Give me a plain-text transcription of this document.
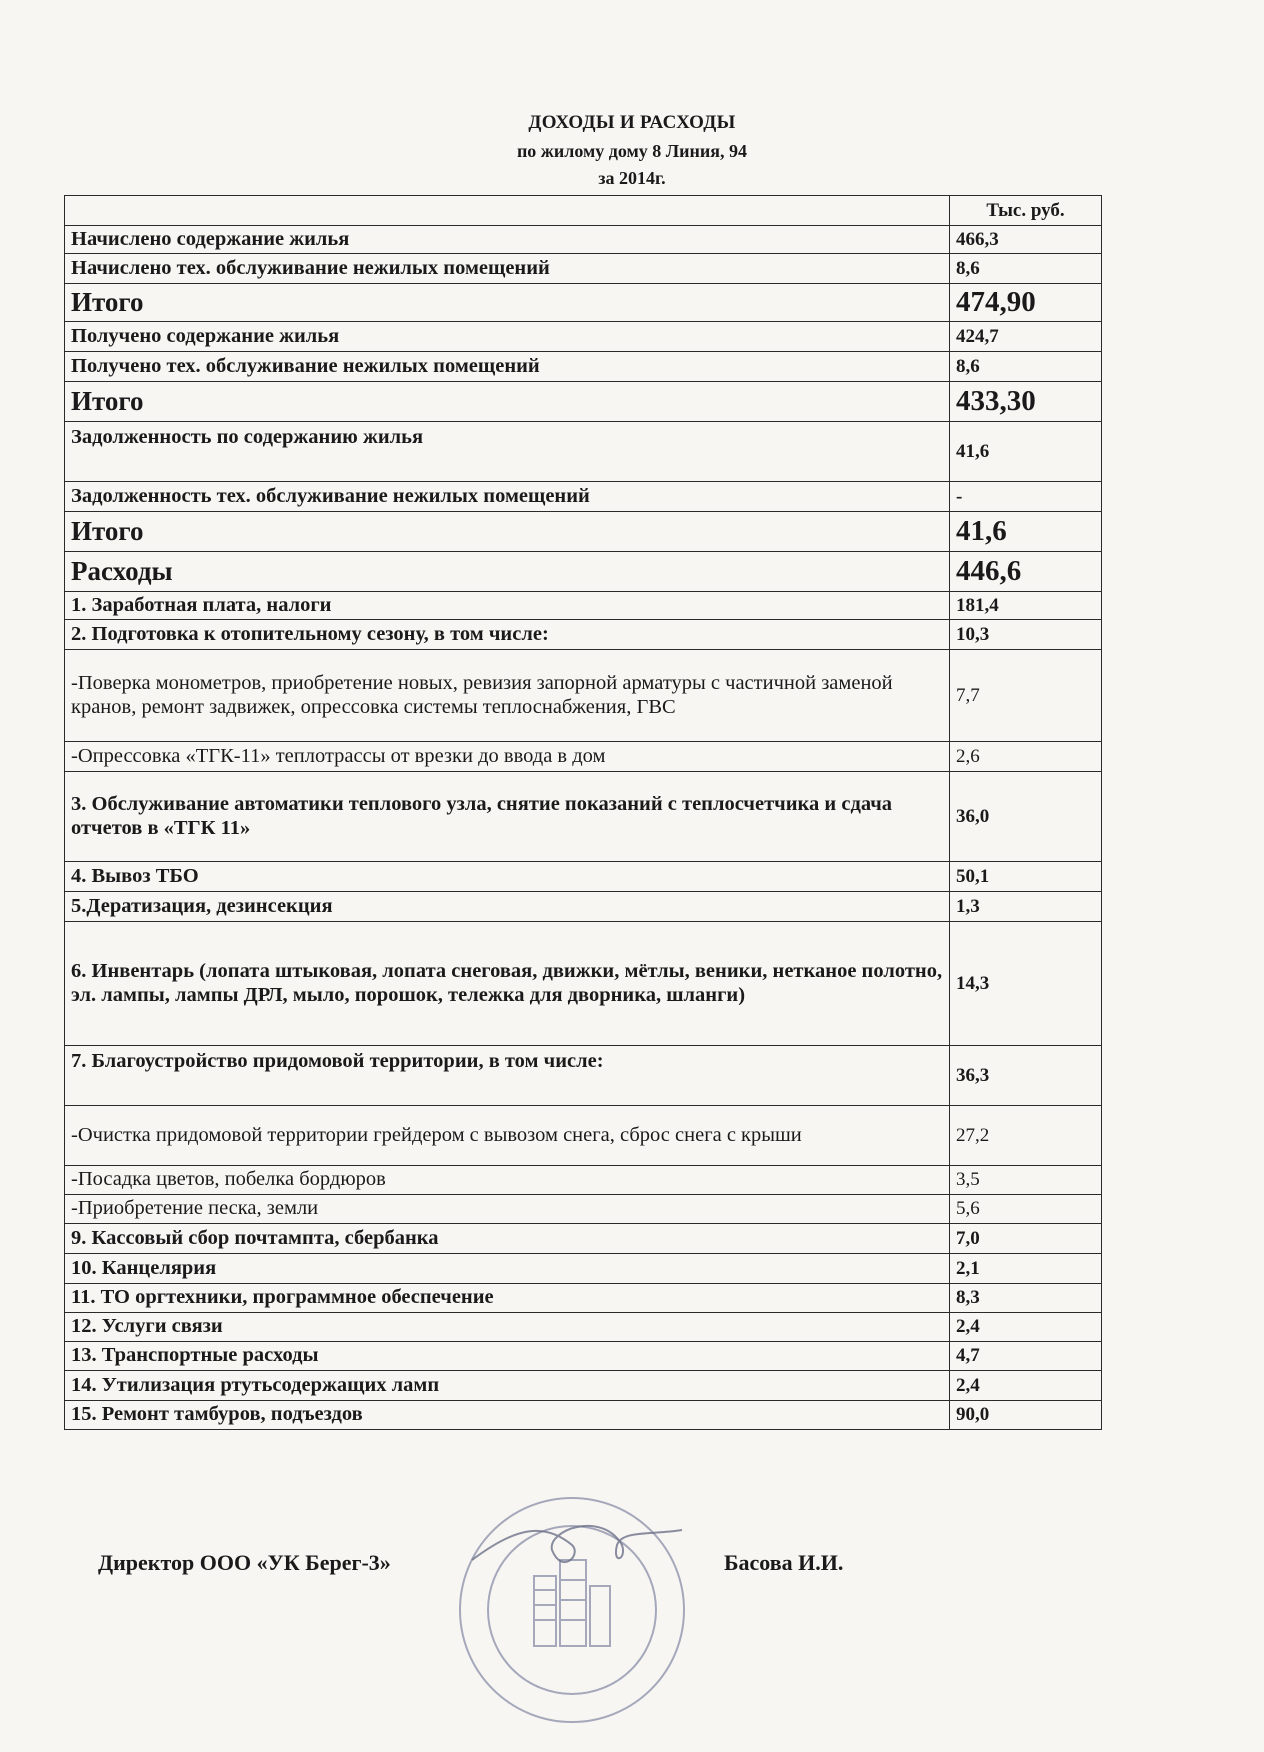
ДОХОДЫ И РАСХОДЫ
по жилому дому 8 Линия, 94
за 2014г.
	Тыс. руб.
Начислено содержание жилья	466,3
Начислено тех. обслуживание нежилых помещений	8,6
Итого	474,90
Получено содержание жилья	424,7
Получено тех. обслуживание нежилых помещений	8,6
Итого	433,30
Задолженность по содержанию жилья	41,6
Задолженность тех. обслуживание нежилых помещений	-
Итого	41,6
Расходы	446,6
1. Заработная плата, налоги	181,4
2. Подготовка к отопительному сезону, в том числе:	10,3
-Поверка монометров, приобретение новых, ревизия запорной арматуры с частичной заменой кранов, ремонт задвижек, опрессовка системы теплоснабжения, ГВС	7,7
-Опрессовка «ТГК-11» теплотрассы от врезки до ввода в дом	2,6
3. Обслуживание автоматики теплового узла, снятие показаний с теплосчетчика и сдача отчетов в «ТГК 11»	36,0
4. Вывоз ТБО	50,1
5.Дератизация, дезинсекция	1,3
6. Инвентарь (лопата штыковая, лопата снеговая, движки, мётлы, веники, нетканое полотно, эл. лампы, лампы ДРЛ, мыло, порошок, тележка для дворника, шланги)	14,3
7. Благоустройство придомовой территории, в том числе:	36,3
-Очистка придомовой территории грейдером с вывозом снега, сброс снега с крыши	27,2
-Посадка цветов, побелка бордюров	3,5
-Приобретение песка, земли	5,6
9. Кассовый сбор почтампта, сбербанка	7,0
10. Канцелярия	2,1
11. ТО оргтехники, программное обеспечение	8,3
12. Услуги связи	2,4
13. Транспортные расходы	4,7
14. Утилизация ртутьсодержащих ламп	2,4
15. Ремонт тамбуров, подъездов	90,0
Директор ООО «УК Берег-3»	Басова И.И.
